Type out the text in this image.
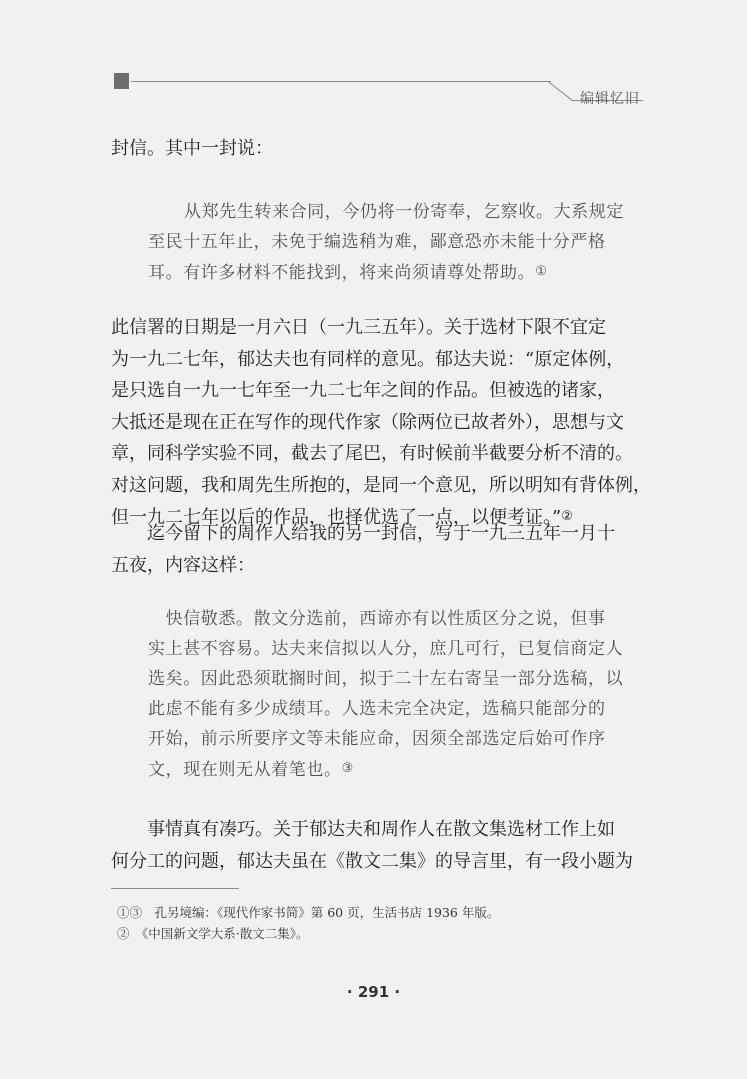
编辑忆旧
封信。其中一封说：
从郑先生转来合同，今仍将一份寄奉，乞察收。大系规定
至民十五年止，未免于编选稍为难，鄙意恐亦未能十分严格
耳。有许多材料不能找到，将来尚须请尊处帮助。①
此信署的日期是一月六日（一九三五年）。关于选材下限不宜定
为一九二七年，郁达夫也有同样的意见。郁达夫说：“原定体例，
是只选自一九一七年至一九二七年之间的作品。但被选的诸家，
大抵还是现在正在写作的现代作家（除两位已故者外），思想与文
章，同科学实验不同，截去了尾巴，有时候前半截要分析不清的。
对这问题，我和周先生所抱的，是同一个意见，所以明知有背体例，
但一九二七年以后的作品，也择优选了一点，以便考证。”②
　　迄今留下的周作人给我的另一封信，写于一九三五年一月十
五夜，内容这样：
　快信敬悉。散文分选前，西谛亦有以性质区分之说，但事
实上甚不容易。达夫来信拟以人分，庶几可行，已复信商定人
选矣。因此恐须耽搁时间，拟于二十左右寄呈一部分选稿，以
此虑不能有多少成绩耳。人选未完全决定，选稿只能部分的
开始，前示所要序文等未能应命，因须全部选定后始可作序
文，现在则无从着笔也。③
　　事情真有凑巧。关于郁达夫和周作人在散文集选材工作上如
何分工的问题，郁达夫虽在《散文二集》的导言里，有一段小题为
①③　孔另境编：《现代作家书简》第 60 页，生活书店 1936 年版。
②　《中国新文学大系·散文二集》。
· 291 ·
